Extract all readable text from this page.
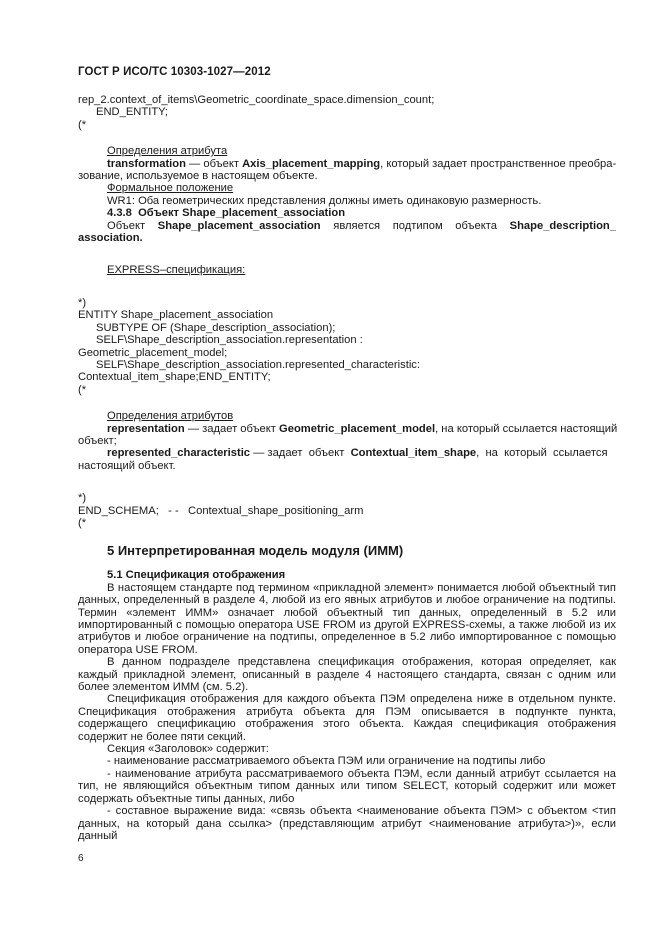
ГОСТ Р ИСО/ТС 10303-1027—2012
rep_2.context_of_items\Geometric_coordinate_space.dimension_count;
END_ENTITY;
(*
Определения атрибута
transformation — объект Axis_placement_mapping, который задает пространственное преобра-
зование, используемое в настоящем объекте.
Формальное положение
WR1: Оба геометрических представления должны иметь одинаковую размерность.
4.3.8 Объект Shape_placement_association
Объект Shape_placement_association является подтипом объекта Shape_description_
association.
EXPRESS–спецификация:
*)
ENTITY Shape_placement_association
SUBTYPE OF (Shape_description_association);
SELF\Shape_description_association.representation :
Geometric_placement_model;
SELF\Shape_description_association.represented_characteristic:
Contextual_item_shape;END_ENTITY;
(*
Определения атрибутов
representation — задает объект Geometric_placement_model, на который ссылается настоящий
объект;
represented_characteristic — задает  объект  Contextual_item_shape,  на  который  ссылается
настоящий объект.
*)
END_SCHEMA;   - -   Contextual_shape_positioning_arm
(*
5 Интерпретированная модель модуля (ИММ)
5.1 Спецификация отображения
В настоящем стандарте под термином «прикладной элемент» понимается любой объектный тип данных, определенный в разделе 4, любой из его явных атрибутов и любое ограничение на подтипы. Термин «элемент ИММ» означает любой объектный тип данных, определенный в 5.2 или импортированный с помощью оператора USE FROM из другой EXPRESS-схемы, а также любой из их атрибутов и любое ограничение на подтипы, определенное в 5.2 либо импортированное с помощью оператора USE FROM.
В данном подразделе представлена спецификация отображения, которая определяет, как каждый прикладной элемент, описанный в разделе 4 настоящего стандарта, связан с одним или более элементом ИММ (см. 5.2).
Спецификация отображения для каждого объекта ПЭМ определена ниже в отдельном пункте. Спецификация отображения атрибута объекта для ПЭМ описывается в подпункте пункта, содержащего спецификацию отображения этого объекта. Каждая спецификация отображения содержит не более пяти секций.
Секция «Заголовок» содержит:
- наименование рассматриваемого объекта ПЭМ или ограничение на подтипы либо
- наименование атрибута рассматриваемого объекта ПЭМ, если данный атрибут ссылается на тип, не являющийся объектным типом данных или типом SELECT, который содержит или может содержать объектные типы данных, либо
- составное выражение вида: «связь объекта <наименование объекта ПЭМ> с объектом <тип данных, на который дана ссылка> (представляющим атрибут <наименование атрибута>)», если данный
6
